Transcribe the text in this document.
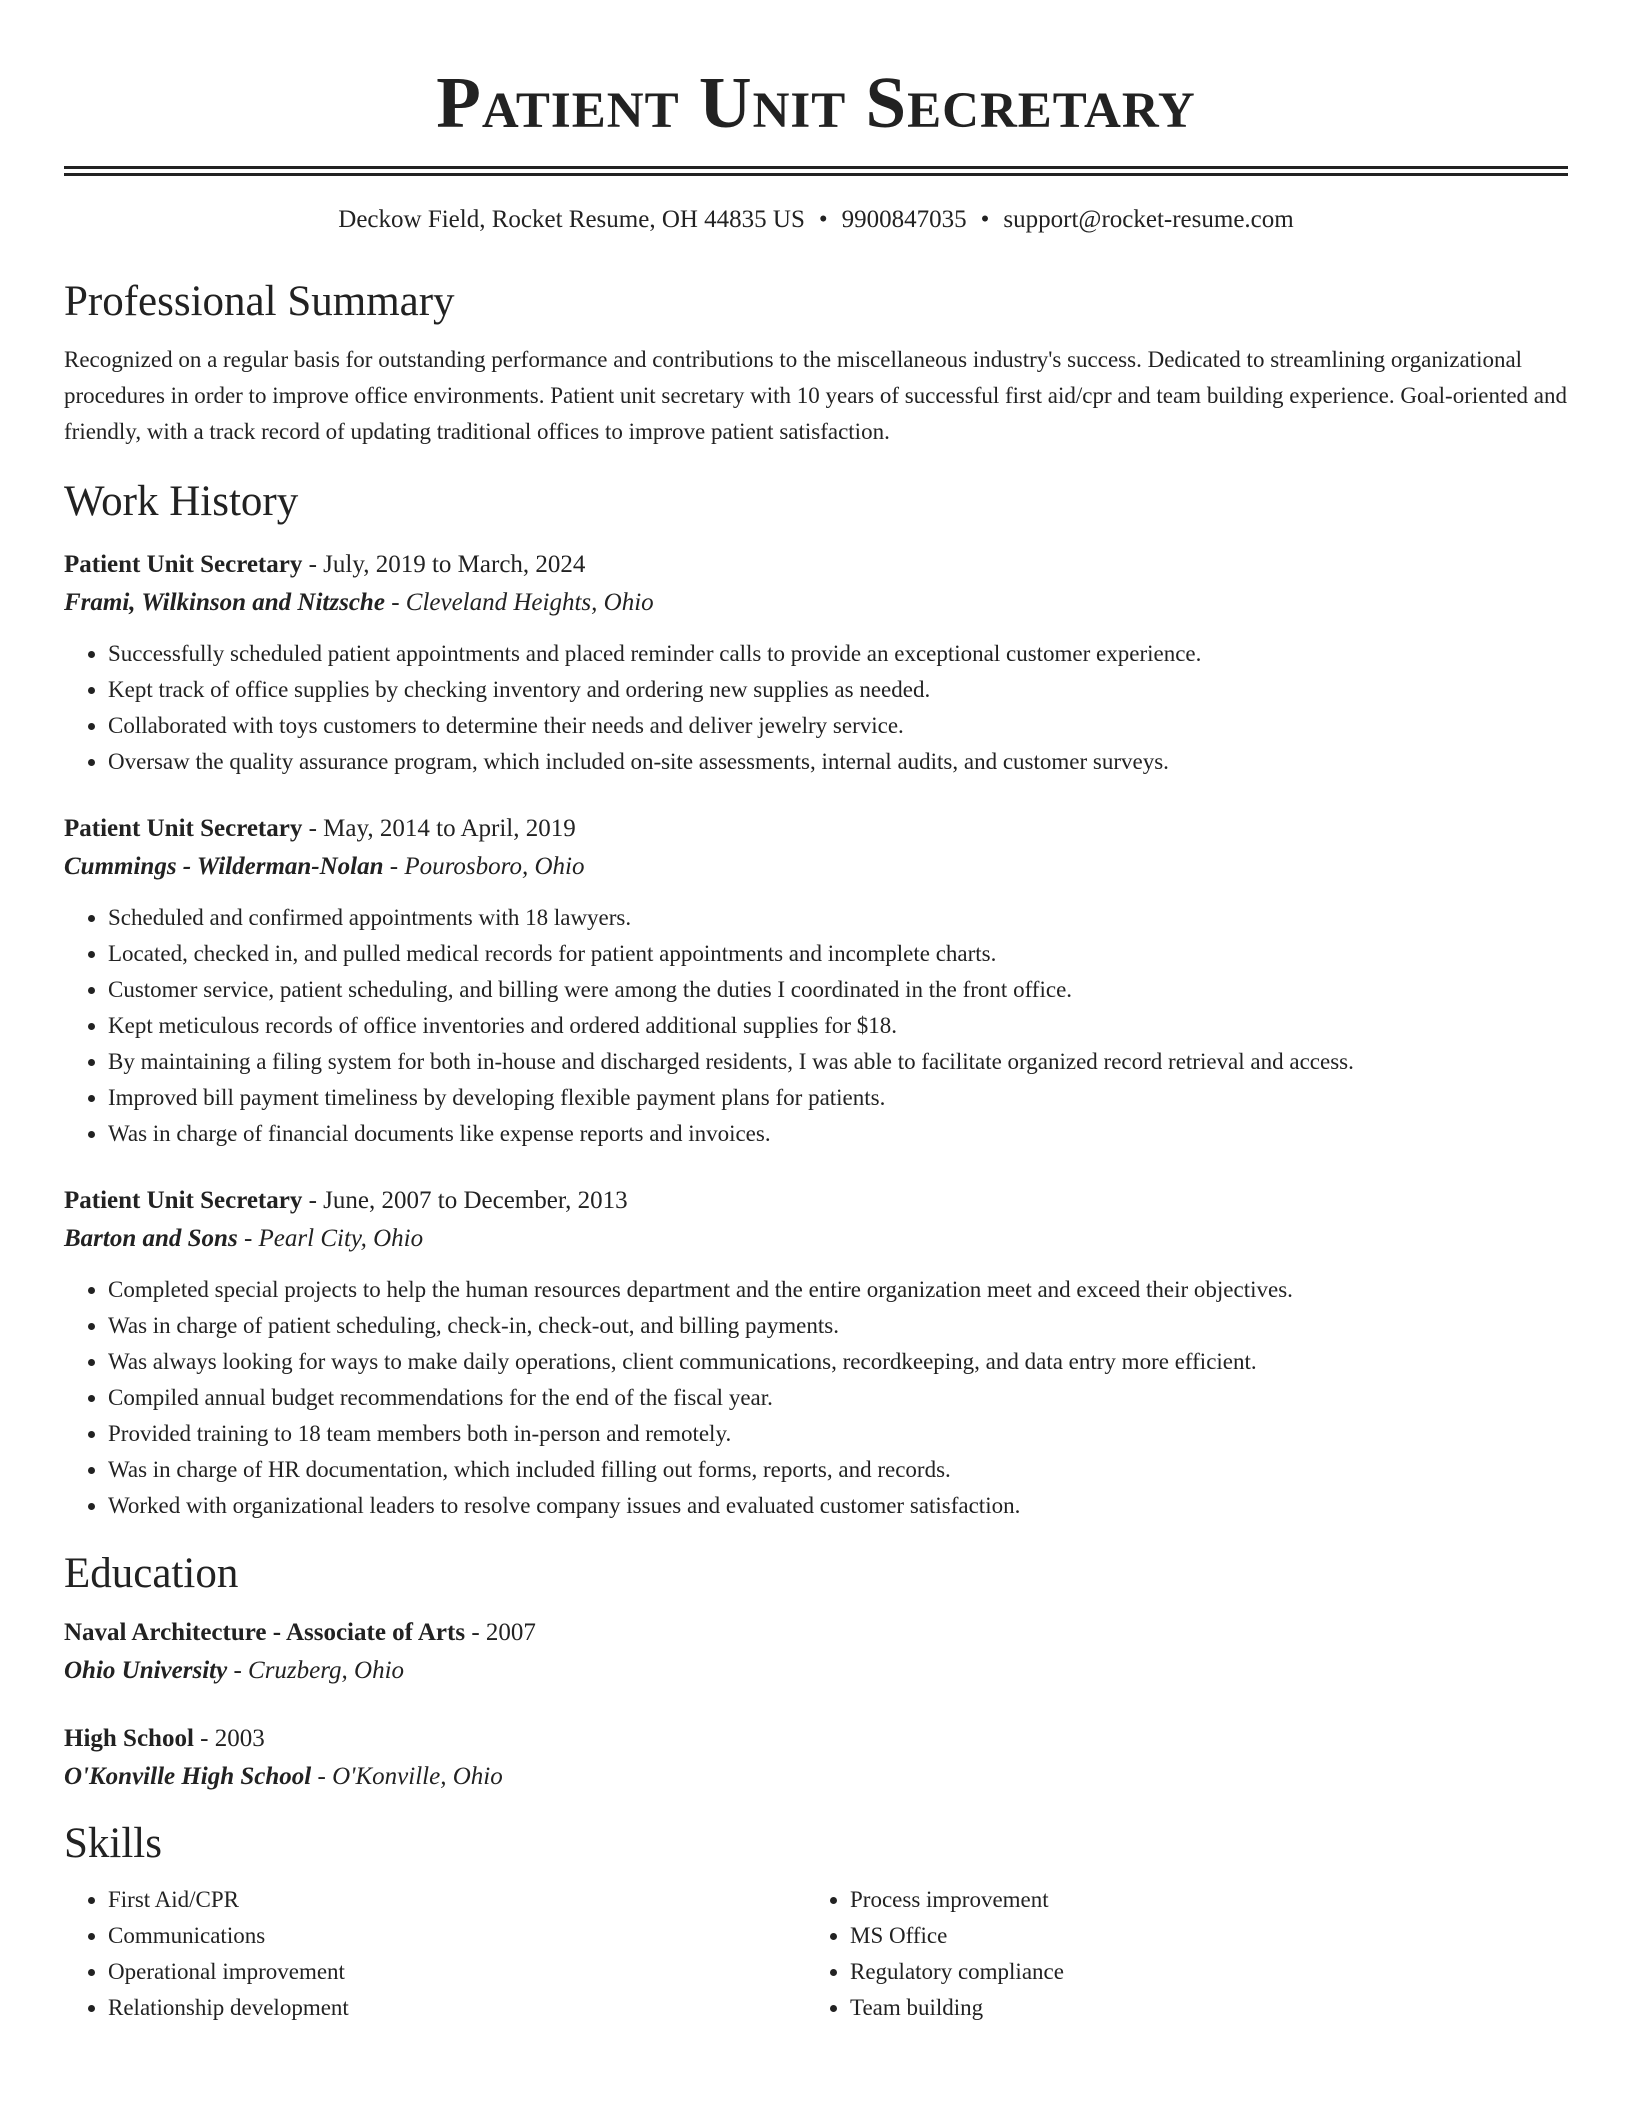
Patient Unit Secretary
Deckow Field, Rocket Resume, OH 44835 US • 9900847035 • support@rocket-resume.com
Professional Summary

Recognized on a regular basis for outstanding performance and contributions to the miscellaneous industry's success. Dedicated to streamlining organizational procedures in order to improve office environments. Patient unit secretary with 10 years of successful first aid/cpr and team building experience. Goal-oriented and friendly, with a track record of updating traditional offices to improve patient satisfaction.

Work History
Patient Unit Secretary - July, 2019 to March, 2024
Frami, Wilkinson and Nitzsche - Cleveland Heights, Ohio
• Successfully scheduled patient appointments and placed reminder calls to provide an exceptional customer experience.
• Kept track of office supplies by checking inventory and ordering new supplies as needed.
• Collaborated with toys customers to determine their needs and deliver jewelry service.
• Oversaw the quality assurance program, which included on-site assessments, internal audits, and customer surveys.
Patient Unit Secretary - May, 2014 to April, 2019
Cummings - Wilderman-Nolan - Pourosboro, Ohio
• Scheduled and confirmed appointments with 18 lawyers.
• Located, checked in, and pulled medical records for patient appointments and incomplete charts.
• Customer service, patient scheduling, and billing were among the duties I coordinated in the front office.
• Kept meticulous records of office inventories and ordered additional supplies for $18.
• By maintaining a filing system for both in-house and discharged residents, I was able to facilitate organized record retrieval and access.
• Improved bill payment timeliness by developing flexible payment plans for patients.
• Was in charge of financial documents like expense reports and invoices.
Patient Unit Secretary - June, 2007 to December, 2013
Barton and Sons - Pearl City, Ohio
• Completed special projects to help the human resources department and the entire organization meet and exceed their objectives.
• Was in charge of patient scheduling, check-in, check-out, and billing payments.
• Was always looking for ways to make daily operations, client communications, recordkeeping, and data entry more efficient.
• Compiled annual budget recommendations for the end of the fiscal year.
• Provided training to 18 team members both in-person and remotely.
• Was in charge of HR documentation, which included filling out forms, reports, and records.
• Worked with organizational leaders to resolve company issues and evaluated customer satisfaction.
Education
Naval Architecture - Associate of Arts - 2007
Ohio University - Cruzberg, Ohio
High School - 2003
O'Konville High School - O'Konville, Ohio
Skills
• First Aid/CPR
• Communications
• Operational improvement
• Relationship development
• Process improvement
• MS Office
• Regulatory compliance
• Team building
